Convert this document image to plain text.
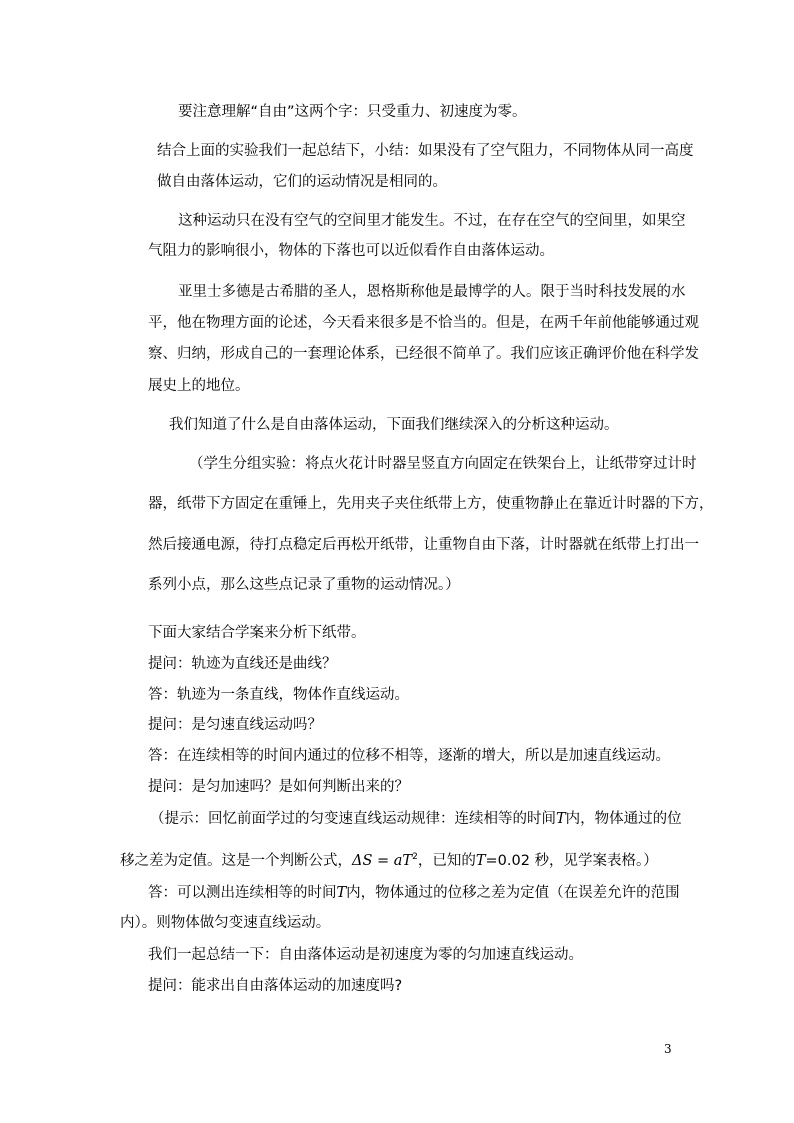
要注意理解“自由”这两个字：只受重力、初速度为零。
结合上面的实验我们一起总结下，小结：如果没有了空气阻力，不同物体从同一高度
做自由落体运动，它们的运动情况是相同的。
这种运动只在没有空气的空间里才能发生。不过，在存在空气的空间里，如果空
气阻力的影响很小，物体的下落也可以近似看作自由落体运动。
亚里士多德是古希腊的圣人，恩格斯称他是最博学的人。限于当时科技发展的水
平，他在物理方面的论述，今天看来很多是不恰当的。但是，在两千年前他能够通过观
察、归纳，形成自己的一套理论体系，已经很不简单了。我们应该正确评价他在科学发
展史上的地位。
我们知道了什么是自由落体运动，下面我们继续深入的分析这种运动。
（学生分组实验：将点火花计时器呈竖直方向固定在铁架台上，让纸带穿过计时
器，纸带下方固定在重锤上，先用夹子夹住纸带上方，使重物静止在靠近计时器的下方，
然后接通电源，待打点稳定后再松开纸带，让重物自由下落，计时器就在纸带上打出一
系列小点，那么这些点记录了重物的运动情况。）
下面大家结合学案来分析下纸带。
提问：轨迹为直线还是曲线？
答：轨迹为一条直线，物体作直线运动。
提问：是匀速直线运动吗？
答：在连续相等的时间内通过的位移不相等，逐渐的增大，所以是加速直线运动。
提问：是匀加速吗？是如何判断出来的？
（提示：回忆前面学过的匀变速直线运动规律：连续相等的时间T内，物体通过的位
移之差为定值。这是一个判断公式，$\Delta S = aT^2$，已知的T=0.02 秒，见学案表格。）
答：可以测出连续相等的时间T内，物体通过的位移之差为定值（在误差允许的范围
内）。则物体做匀变速直线运动。
我们一起总结一下：自由落体运动是初速度为零的匀加速直线运动。
提问：能求出自由落体运动的加速度吗?
3
